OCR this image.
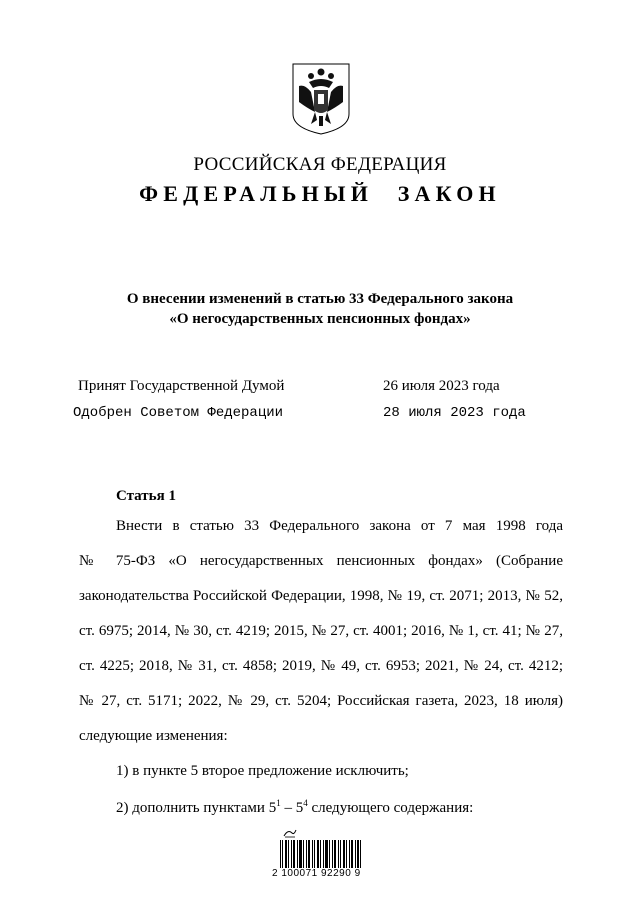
РОССИЙСКАЯ ФЕДЕРАЦИЯ
ФЕДЕРАЛЬНЫЙ ЗАКОН
О внесении изменений в статью 33 Федерального закона
«О негосударственных пенсионных фондах»
Принят Государственной Думой	26 июля 2023 года
Одобрен Советом Федерации	28 июля 2023 года
Статья 1
Внести в статью 33 Федерального закона от 7 мая 1998 года
№ 75-ФЗ «О негосударственных пенсионных фондах» (Собрание
законодательства Российской Федерации, 1998, № 19, ст. 2071; 2013, № 52,
ст. 6975; 2014, № 30, ст. 4219; 2015, № 27, ст. 4001; 2016, № 1, ст. 41; № 27,
ст. 4225; 2018, № 31, ст. 4858; 2019, № 49, ст. 6953; 2021, № 24, ст. 4212;
№ 27, ст. 5171; 2022, № 29, ст. 5204; Российская газета, 2023, 18 июля)
следующие изменения:
1) в пункте 5 второе предложение исключить;
2) дополнить пунктами $5^1 - 5^4$ следующего содержания:
2 100071 92290 9
